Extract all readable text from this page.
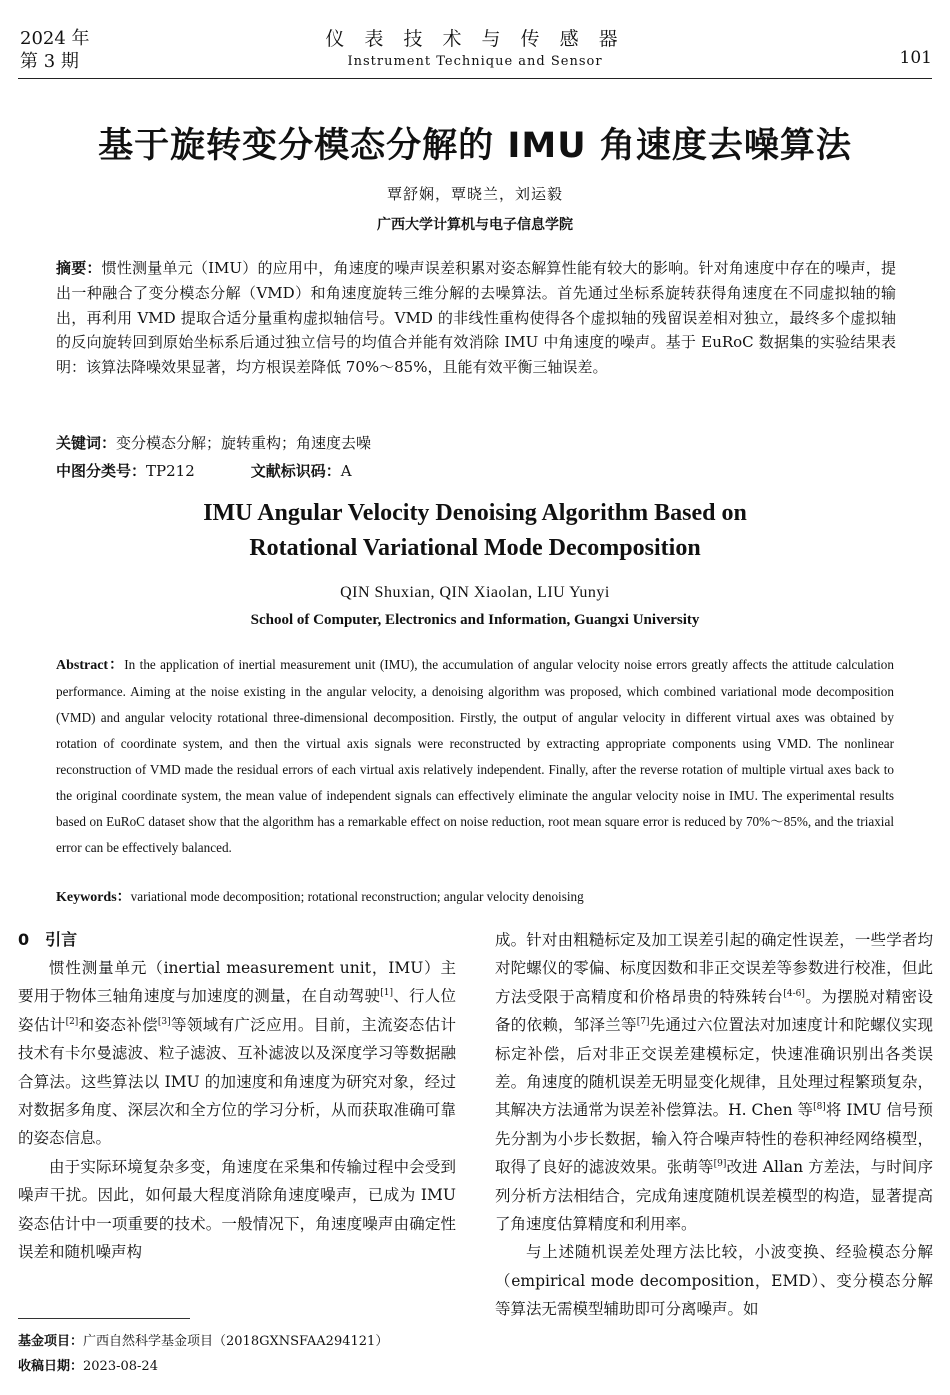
2024 年
第 3 期
仪 表 技 术 与 传 感 器
Instrument Technique and Sensor	101
基于旋转变分模态分解的 IMU 角速度去噪算法
覃舒娴，覃晓兰，刘运毅
广西大学计算机与电子信息学院
摘要：惯性测量单元（IMU）的应用中，角速度的噪声误差积累对姿态解算性能有较大的影响。针对角速度中存在的噪声，提出一种融合了变分模态分解（VMD）和角速度旋转三维分解的去噪算法。首先通过坐标系旋转获得角速度在不同虚拟轴的输出，再利用 VMD 提取合适分量重构虚拟轴信号。VMD 的非线性重构使得各个虚拟轴的残留误差相对独立，最终多个虚拟轴的反向旋转回到原始坐标系后通过独立信号的均值合并能有效消除 IMU 中角速度的噪声。基于 EuRoC 数据集的实验结果表明：该算法降噪效果显著，均方根误差降低 70%～85%，且能有效平衡三轴误差。
关键词：变分模态分解；旋转重构；角速度去噪
中图分类号：TP212	文献标识码：A
IMU Angular Velocity Denoising Algorithm Based on
Rotational Variational Mode Decomposition
QIN Shuxian, QIN Xiaolan, LIU Yunyi
School of Computer, Electronics and Information, Guangxi University
Abstract：In the application of inertial measurement unit (IMU), the accumulation of angular velocity noise errors greatly affects the attitude calculation performance. Aiming at the noise existing in the angular velocity, a denoising algorithm was proposed, which combined variational mode decomposition (VMD) and angular velocity rotational three-dimensional decomposition. Firstly, the output of angular velocity in different virtual axes was obtained by rotation of coordinate system, and then the virtual axis signals were reconstructed by extracting appropriate components using VMD. The nonlinear reconstruction of VMD made the residual errors of each virtual axis relatively independent. Finally, after the reverse rotation of multiple virtual axes back to the original coordinate system, the mean value of independent signals can effectively eliminate the angular velocity noise in IMU. The experimental results based on EuRoC dataset show that the algorithm has a remarkable effect on noise reduction, root mean square error is reduced by 70%～85%, and the triaxial error can be effectively balanced.
Keywords：variational mode decomposition; rotational reconstruction; angular velocity denoising
0　引言

惯性测量单元（inertial measurement unit，IMU）主要用于物体三轴角速度与加速度的测量，在自动驾驶[1]、行人位姿估计[2]和姿态补偿[3]等领域有广泛应用。目前，主流姿态估计技术有卡尔曼滤波、粒子滤波、互补滤波以及深度学习等数据融合算法。这些算法以 IMU 的加速度和角速度为研究对象，经过对数据多角度、深层次和全方位的学习分析，从而获取准确可靠的姿态信息。

由于实际环境复杂多变，角速度在采集和传输过程中会受到噪声干扰。因此，如何最大程度消除角速度噪声，已成为 IMU 姿态估计中一项重要的技术。一般情况下，角速度噪声由确定性误差和随机噪声构

成。针对由粗糙标定及加工误差引起的确定性误差，一些学者均对陀螺仪的零偏、标度因数和非正交误差等参数进行校准，但此方法受限于高精度和价格昂贵的特殊转台[4-6]。为摆脱对精密设备的依赖，邹泽兰等[7]先通过六位置法对加速度计和陀螺仪实现标定补偿，后对非正交误差建模标定，快速准确识别出各类误差。角速度的随机误差无明显变化规律，且处理过程繁琐复杂，其解决方法通常为误差补偿算法。H. Chen 等[8]将 IMU 信号预先分割为小步长数据，输入符合噪声特性的卷积神经网络模型，取得了良好的滤波效果。张萌等[9]改进 Allan 方差法，与时间序列分析方法相结合，完成角速度随机误差模型的构造，显著提高了角速度估算精度和利用率。

与上述随机误差处理方法比较，小波变换、经验模态分解（empirical mode decomposition，EMD）、变分模态分解等算法无需模型辅助即可分离噪声。如

基金项目：广西自然科学基金项目（2018GXNSFAA294121）
收稿日期：2023-08-24
